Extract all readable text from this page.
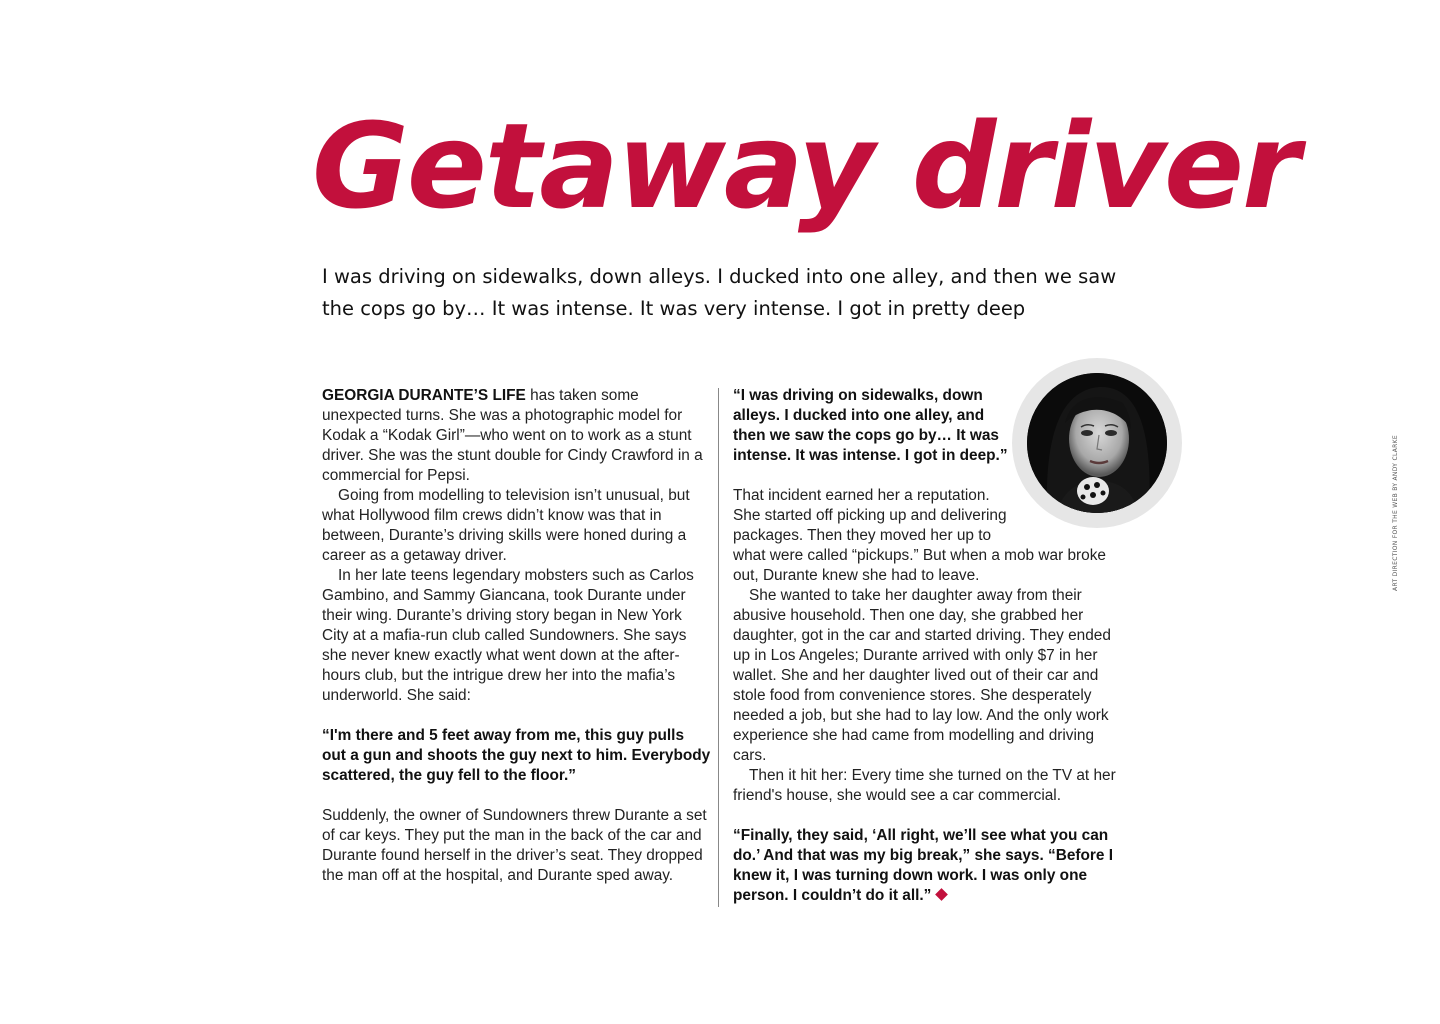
Getaway driver

I was driving on sidewalks, down alleys. I ducked into one alley, and then we saw the cops go by… It was intense. It was very intense. I got in pretty deep

GEORGIA DURANTE’S LIFE has taken some unexpected turns. She was a photographic model for Kodak a “Kodak Girl”—who went on to work as a stunt driver. She was the stunt double for Cindy Crawford in a commercial for Pepsi.

Going from modelling to television isn’t unusual, but what Hollywood film crews didn’t know was that in between, Durante’s driving skills were honed during a career as a getaway driver.

In her late teens legendary mobsters such as Carlos Gambino, and Sammy Giancana, took Durante under their wing. Durante’s driving story began in New York City at a mafia-run club called Sundowners. She says she never knew exactly what went down at the after-hours club, but the intrigue drew her into the mafia’s underworld. She said:

“I'm there and 5 feet away from me, this guy pulls out a gun and shoots the guy next to him. Everybody scattered, the guy fell to the floor.”

Suddenly, the owner of Sundowners threw Durante a set of car keys. They put the man in the back of the car and Durante found herself in the driver’s seat. They dropped the man off at the hospital, and Durante sped away.

“I was driving on sidewalks, down alleys. I ducked into one alley, and then we saw the cops go by… It was intense. It was intense. I got in deep.”

That incident earned her a reputation. She started off picking up and delivering packages. Then they moved her up to what were called “pickups.” But when a mob war broke out, Durante knew she had to leave.

She wanted to take her daughter away from their abusive household. Then one day, she grabbed her daughter, got in the car and started driving. They ended up in Los Angeles; Durante arrived with only $7 in her wallet. She and her daughter lived out of their car and stole food from convenience stores. She desperately needed a job, but she had to lay low. And the only work experience she had came from modelling and driving cars.

Then it hit her: Every time she turned on the TV at her friend's house, she would see a car commercial.

“Finally, they said, ‘All right, we’ll see what you can do.’ And that was my big break,” she says. “Before I knew it, I was turning down work. I was only one person. I couldn’t do it all.”

ART DIRECTION FOR THE WEB BY ANDY CLARKE
